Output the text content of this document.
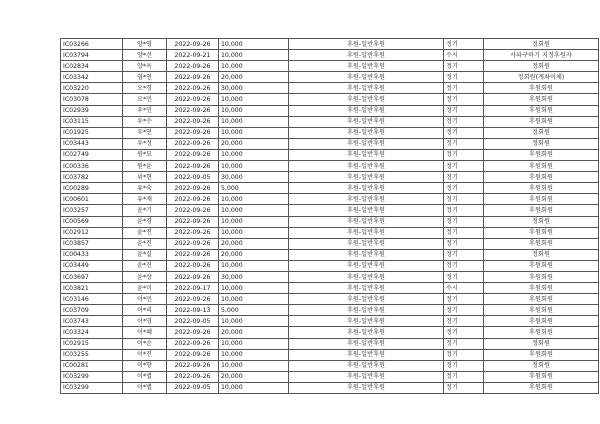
IC03266	양*영	2022-09-26	10,000	후원-일반후원	정기	정회원
IC03794	양*선	2022-09-21	10,000	후원-일반후원	수시	사파구하기 지정후원자
IC02834	양*옥	2022-09-26	10,000	후원-일반후원	정기	정회원
IC03342	염*연	2022-09-26	20,000	후원-일반후원	정기	정회원(계좌이체)
IC03220	오*경	2022-09-26	30,000	후원-일반후원	정기	후원회원
IC03078	오*민	2022-09-26	10,000	후원-일반후원	정기	후원회원
IC02939	우*민	2022-09-26	10,000	후원-일반후원	정기	후원회원
IC03115	우*수	2022-09-26	10,000	후원-일반후원	정기	후원회원
IC01925	우*연	2022-09-26	10,000	후원-일반후원	정기	정회원
IC03443	우*정	2022-09-26	20,000	후원-일반후원	정기	정회원
IC02749	원*묘	2022-09-26	10,000	후원-일반후원	정기	후원회원
IC00336	원*윤	2022-09-26	10,000	후원-일반후원	정기	후원회원
IC03782	위*현	2022-09-05	30,000	후원-일반후원	정기	후원회원
IC00289	유*숙	2022-09-26	5,000	후원-일반후원	정기	후원회원
IC00601	유*재	2022-09-26	10,000	후원-일반후원	정기	후원회원
IC03257	윤*기	2022-09-26	10,000	후원-일반후원	정기	후원회원
IC00569	윤*경	2022-09-26	10,000	후원-일반후원	정기	정회원
IC02912	윤*진	2022-09-26	10,000	후원-일반후원	정기	후원회원
IC03857	윤*진	2022-09-26	20,000	후원-일반후원	정기	후원회원
IC00433	윤*실	2022-09-26	20,000	후원-일반후원	정기	정회원
IC03449	윤*진	2022-09-26	10,000	후원-일반후원	정기	후원회원
IC03697	윤*상	2022-09-26	30,000	후원-일반후원	정기	후원회원
IC03821	윤*미	2022-09-17	10,000	후원-일반후원	수시	후원회원
IC03146	이*민	2022-09-26	10,000	후원-일반후원	정기	후원회원
IC03709	이*리	2022-09-13	5,000	후원-일반후원	정기	후원회원
IC03743	이*영	2022-09-05	10,000	후원-일반후원	정기	후원회원
IC03324	이*혜	2022-09-26	20,000	후원-일반후원	정기	후원회원
IC02915	이*순	2022-09-26	10,000	후원-일반후원	정기	정회원
IC03255	이*진	2022-09-26	10,000	후원-일반후원	정기	후원회원
IC00281	이*향	2022-09-26	10,000	후원-일반후원	정기	정회원
IC03299	이*별	2022-09-26	20,000	후원-일반후원	정기	후원회원
IC03299	이*별	2022-09-05	10,000	후원-일반후원	정기	후원회원
